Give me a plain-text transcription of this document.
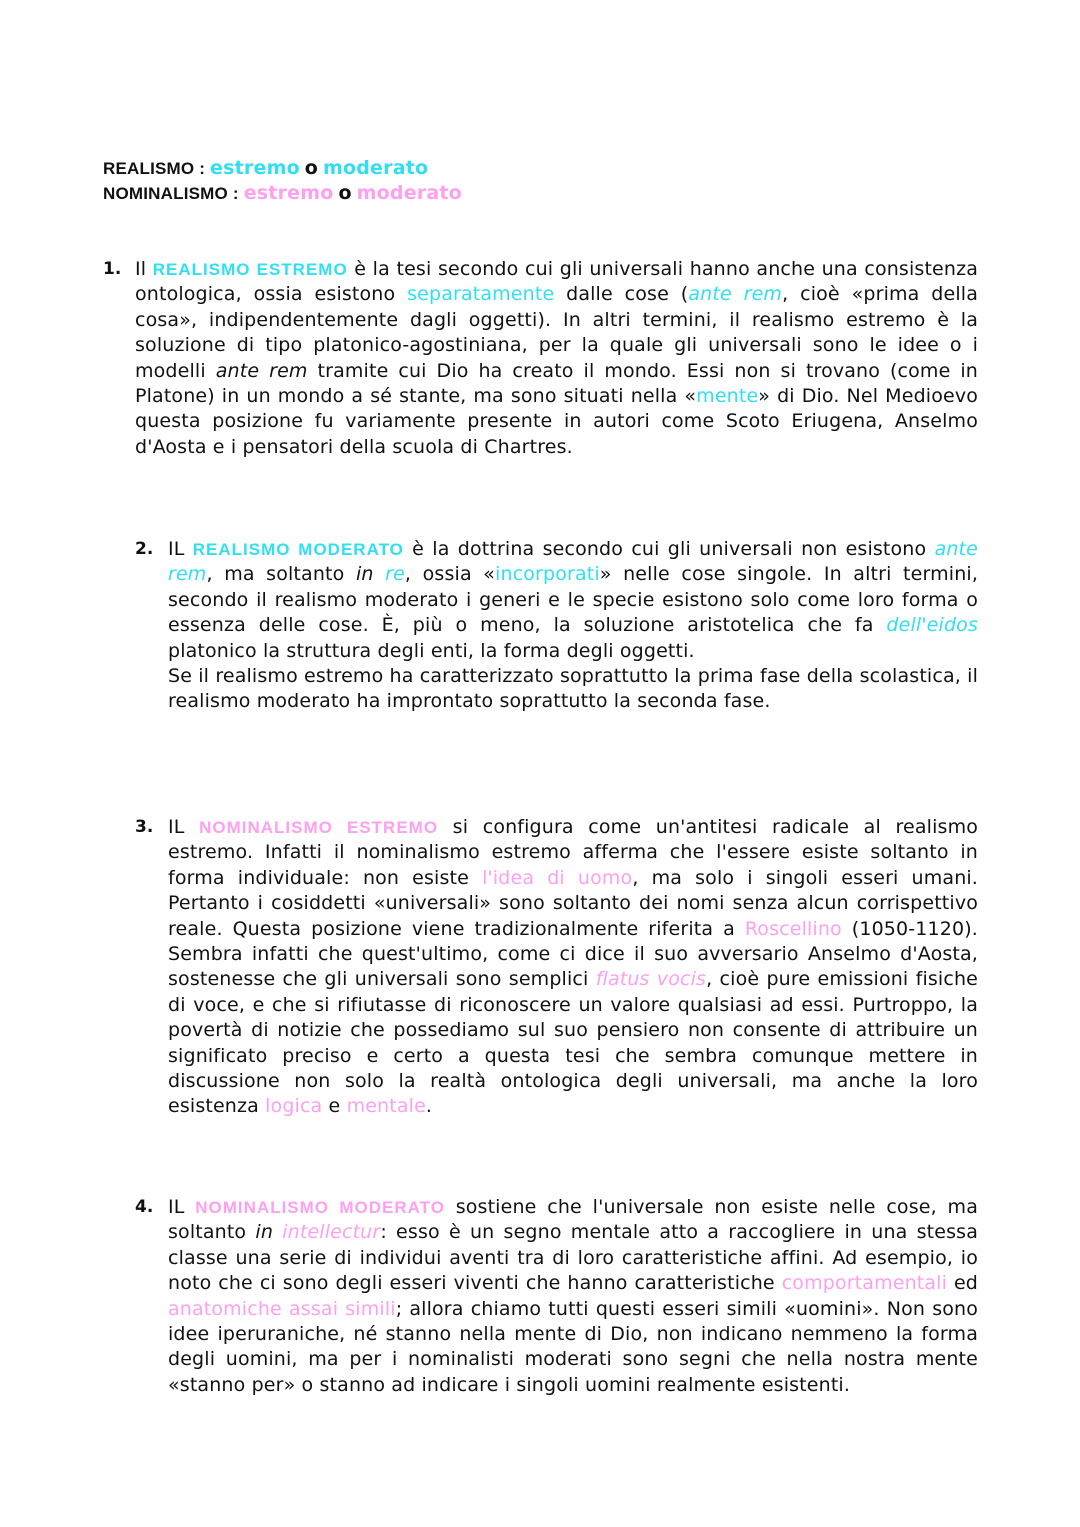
REALISMO : estremo o moderato
NOMINALISMO : estremo o moderato
1. Il REALISMO ESTREMO è la tesi secondo cui gli universali hanno anche una consistenza ontologica, ossia esistono separatamente dalle cose (ante rem, cioè «prima della cosa», indipendentemente dagli oggetti). In altri termini, il realismo estremo è la soluzione di tipo platonico-agostiniana, per la quale gli universali sono le idee o i modelli ante rem tramite cui Dio ha creato il mondo. Essi non si trovano (come in Platone) in un mondo a sé stante, ma sono situati nella «mente» di Dio. Nel Medioevo questa posizione fu variamente presente in autori come Scoto Eriugena, Anselmo d'Aosta e i pensatori della scuola di Chartres.
2. IL REALISMO MODERATO è la dottrina secondo cui gli universali non esistono ante rem, ma soltanto in re, ossia «incorporati» nelle cose singole. In altri termini, secondo il realismo moderato i generi e le specie esistono solo come loro forma o essenza delle cose. È, più o meno, la soluzione aristotelica che fa dell'eidos platonico la struttura degli enti, la forma degli oggetti.

Se il realismo estremo ha caratterizzato soprattutto la prima fase della scolastica, il realismo moderato ha improntato soprattutto la seconda fase.

3. IL NOMINALISMO ESTREMO si configura come un'antitesi radicale al realismo estremo. Infatti il nominalismo estremo afferma che l'essere esiste soltanto in forma individuale: non esiste l'idea di uomo, ma solo i singoli esseri umani. Pertanto i cosiddetti «universali» sono soltanto dei nomi senza alcun corrispettivo reale. Questa posizione viene tradizionalmente riferita a Roscellino (1050-1120). Sembra infatti che quest'ultimo, come ci dice il suo avversario Anselmo d'Aosta, sostenesse che gli universali sono semplici flatus vocis, cioè pure emissioni fisiche di voce, e che si rifiutasse di riconoscere un valore qualsiasi ad essi. Purtroppo, la povertà di notizie che possediamo sul suo pensiero non consente di attribuire un significato preciso e certo a questa tesi che sembra comunque mettere in discussione non solo la realtà ontologica degli universali, ma anche la loro esistenza logica e mentale.
4. IL NOMINALISMO MODERATO sostiene che l'universale non esiste nelle cose, ma soltanto in intellectur: esso è un segno mentale atto a raccogliere in una stessa classe una serie di individui aventi tra di loro caratteristiche affini. Ad esempio, io noto che ci sono degli esseri viventi che hanno caratteristiche comportamentali ed anatomiche assai simili; allora chiamo tutti questi esseri simili «uomini». Non sono idee iperuraniche, né stanno nella mente di Dio, non indicano nemmeno la forma degli uomini, ma per i nominalisti moderati sono segni che nella nostra mente «stanno per» o stanno ad indicare i singoli uomini realmente esistenti.
